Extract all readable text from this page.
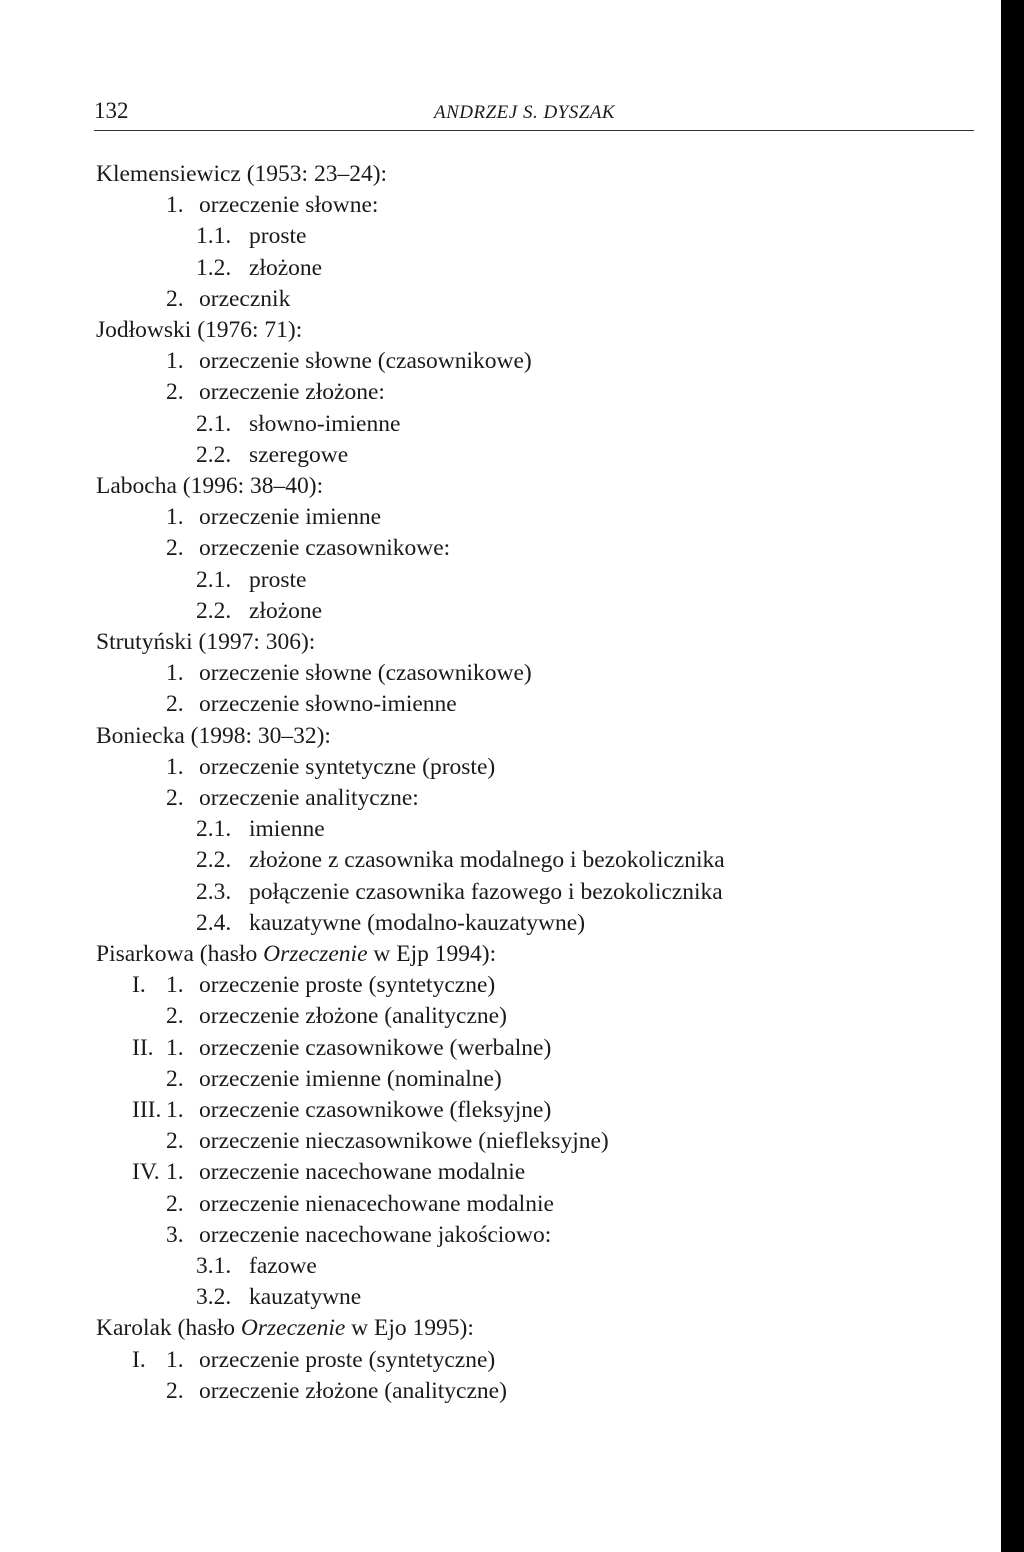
132	ANDRZEJ S. DYSZAK
Klemensiewicz (1953: 23–24):
1. orzeczenie słowne:
1.1. proste
1.2. złożone
2. orzecznik
Jodłowski (1976: 71):
1. orzeczenie słowne (czasownikowe)
2. orzeczenie złożone:
2.1. słowno-imienne
2.2. szeregowe
Labocha (1996: 38–40):
1. orzeczenie imienne
2. orzeczenie czasownikowe:
2.1. proste
2.2. złożone
Strutyński (1997: 306):
1. orzeczenie słowne (czasownikowe)
2. orzeczenie słowno-imienne
Boniecka (1998: 30–32):
1. orzeczenie syntetyczne (proste)
2. orzeczenie analityczne:
2.1. imienne
2.2. złożone z czasownika modalnego i bezokolicznika
2.3. połączenie czasownika fazowego i bezokolicznika
2.4. kauzatywne (modalno-kauzatywne)
Pisarkowa (hasło Orzeczenie w Ejp 1994):
I. 1. orzeczenie proste (syntetyczne)
2. orzeczenie złożone (analityczne)
II. 1. orzeczenie czasownikowe (werbalne)
2. orzeczenie imienne (nominalne)
III. 1. orzeczenie czasownikowe (fleksyjne)
2. orzeczenie nieczasownikowe (niefleksyjne)
IV. 1. orzeczenie nacechowane modalnie
2. orzeczenie nienacechowane modalnie
3. orzeczenie nacechowane jakościowo:
3.1. fazowe
3.2. kauzatywne
Karolak (hasło Orzeczenie w Ejo 1995):
I. 1. orzeczenie proste (syntetyczne)
2. orzeczenie złożone (analityczne)
